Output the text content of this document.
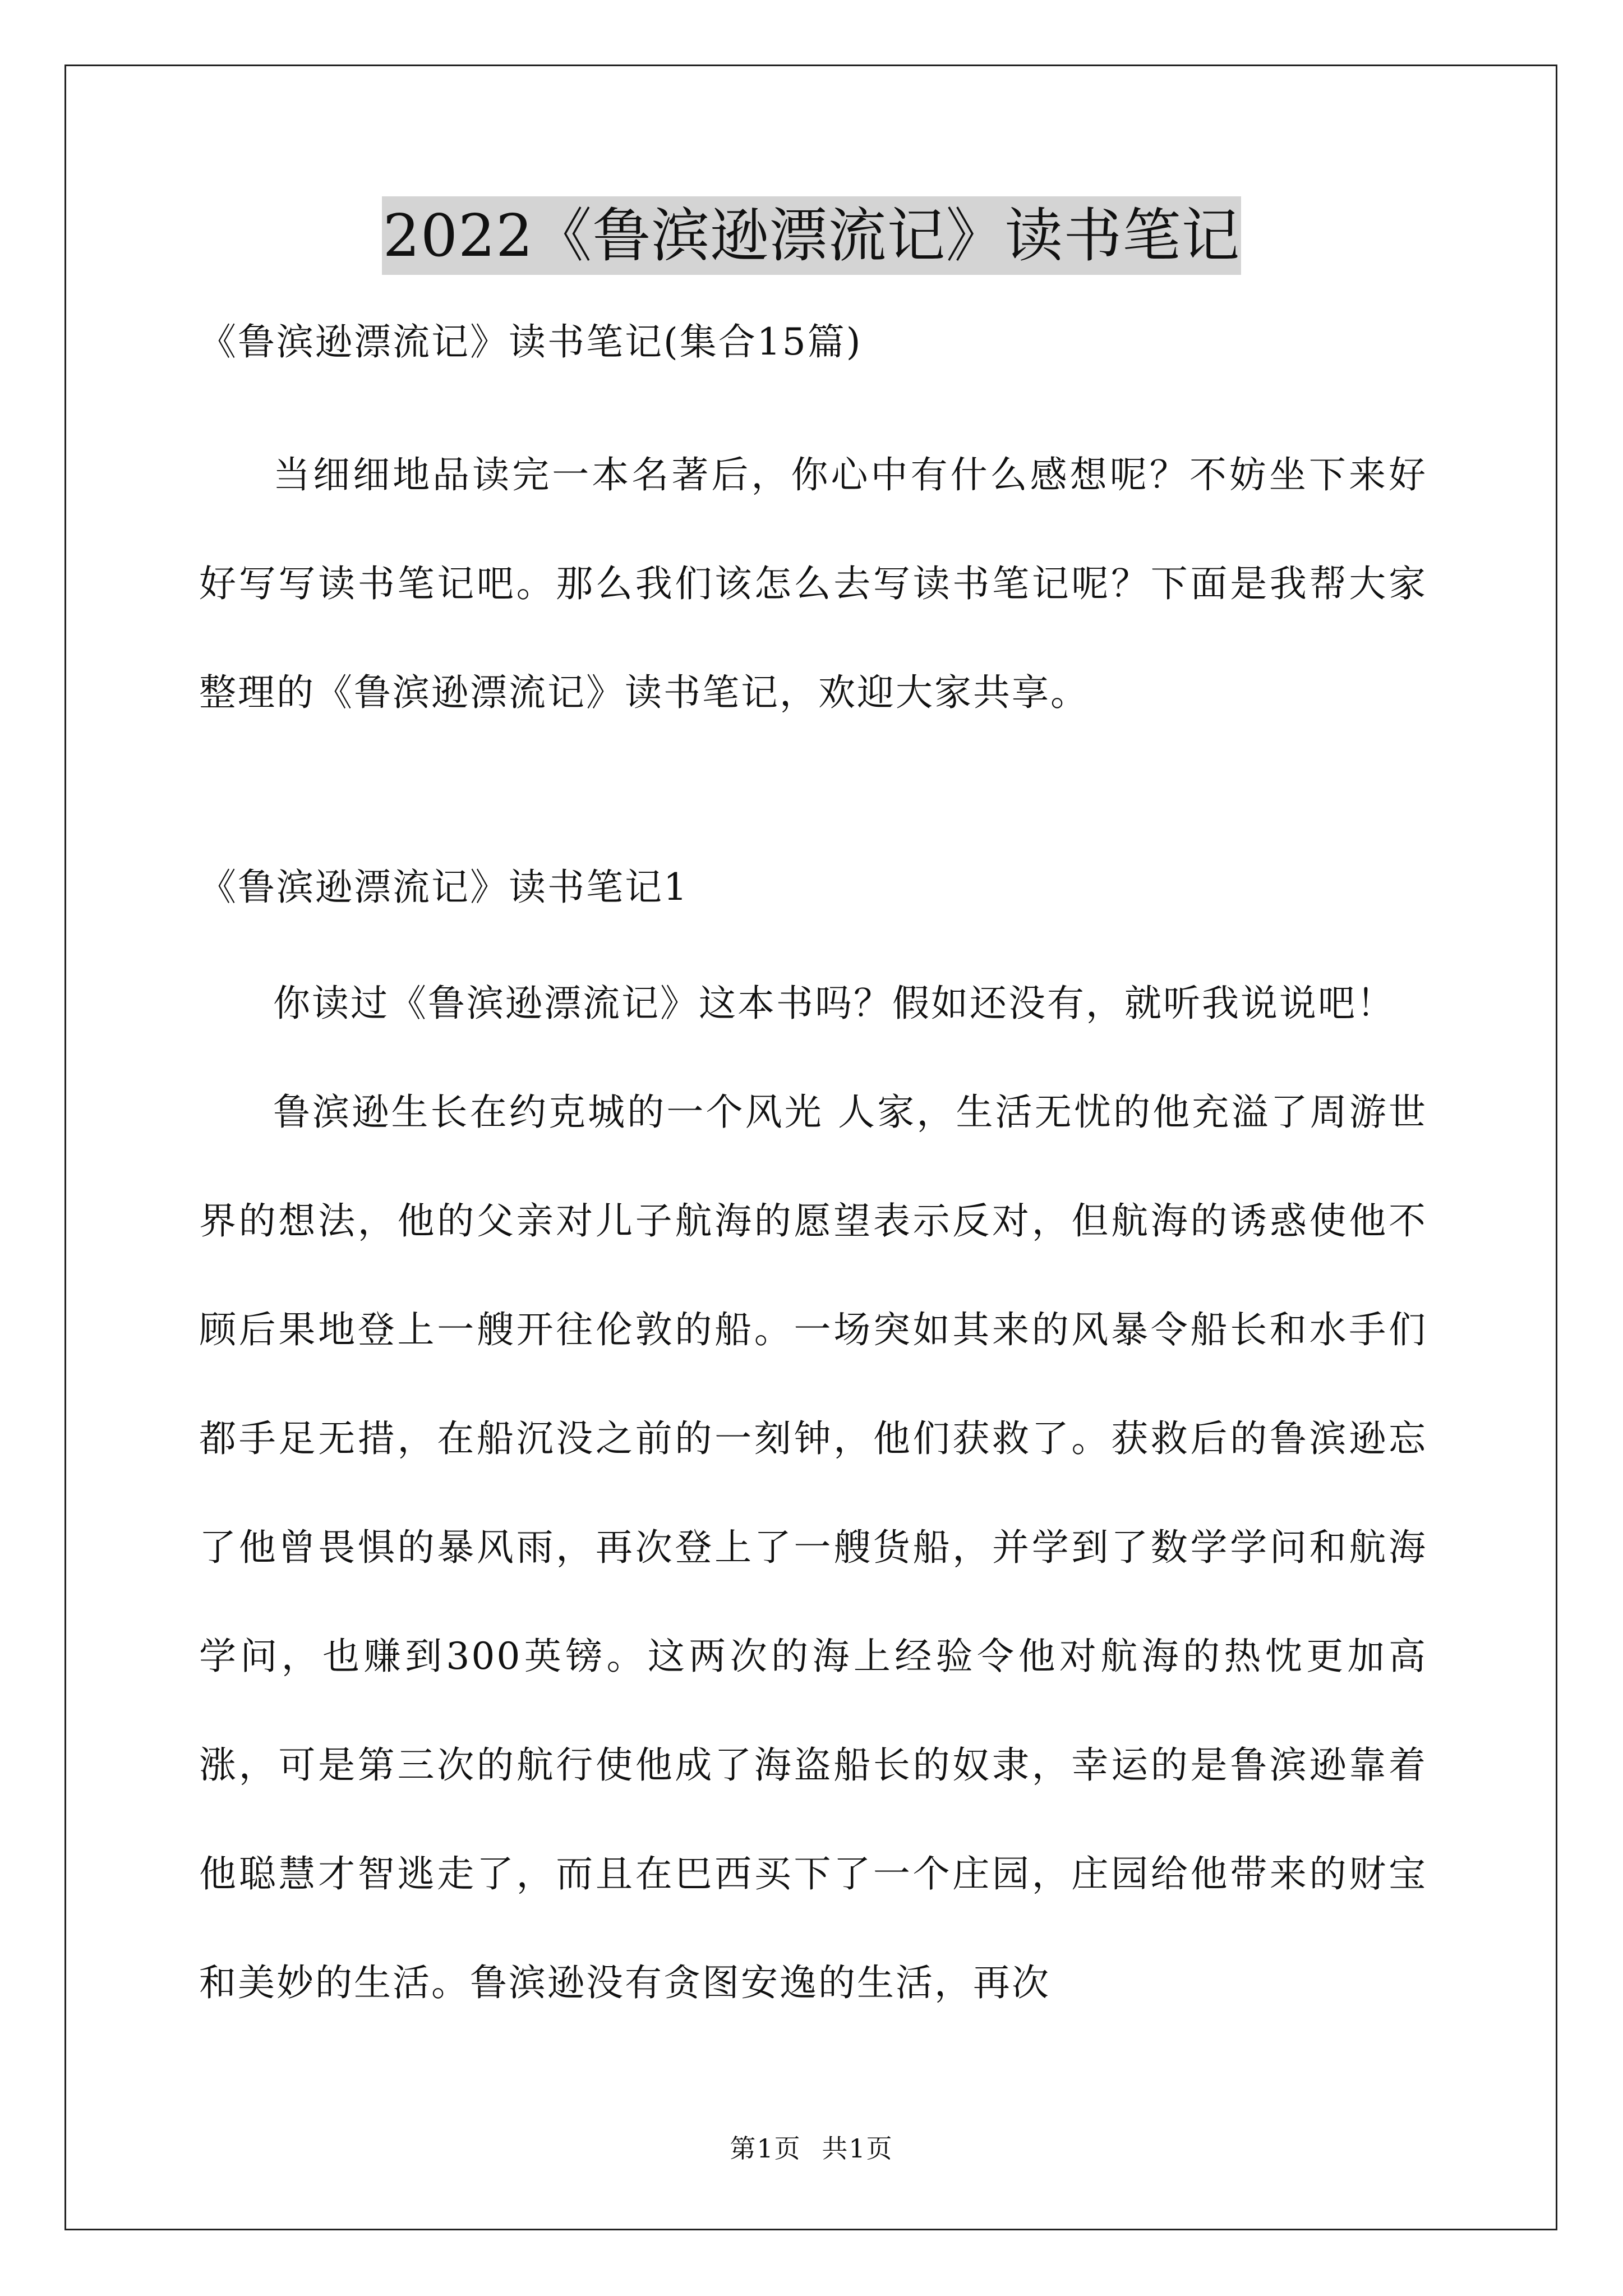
2022《鲁滨逊漂流记》读书笔记
《鲁滨逊漂流记》读书笔记(集合15篇)

当细细地品读完一本名著后，你心中有什么感想呢？不妨坐下来好好写写读书笔记吧。那么我们该怎么去写读书笔记呢？下面是我帮大家整理的《鲁滨逊漂流记》读书笔记，欢迎大家共享。

《鲁滨逊漂流记》读书笔记1

你读过《鲁滨逊漂流记》这本书吗？假如还没有，就听我说说吧！

鲁滨逊生长在约克城的一个风光 人家，生活无忧的他充溢了周游世界的想法，他的父亲对儿子航海的愿望表示反对，但航海的诱惑使他不顾后果地登上一艘开往伦敦的船。一场突如其来的风暴令船长和水手们都手足无措，在船沉没之前的一刻钟，他们获救了。获救后的鲁滨逊忘了他曾畏惧的暴风雨，再次登上了一艘货船，并学到了数学学问和航海学问，也赚到300英镑。这两次的海上经验令他对航海的热忱更加高涨，可是第三次的航行使他成了海盗船长的奴隶，幸运的是鲁滨逊靠着他聪慧才智逃走了，而且在巴西买下了一个庄园，庄园给他带来的财宝和美妙的生活。鲁滨逊没有贪图安逸的生活，再次

第1页 共1页
